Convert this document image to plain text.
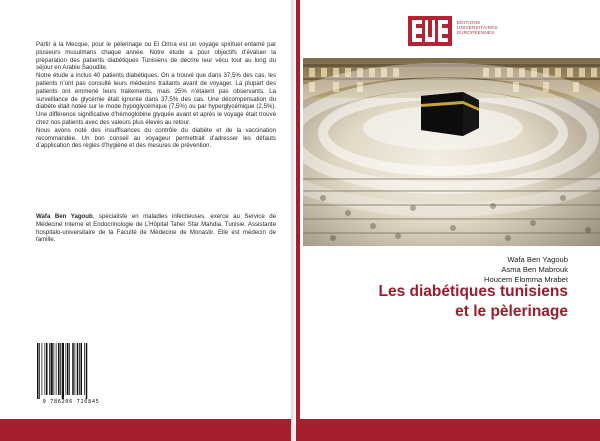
Partir à la Mecque, pour le pèlerinage ou El Omra est un voyage spirituel entamé par plusieurs musulmans chaque année. Notre étude a pour objectifs d’évaluer la préparation des patients diabétiques Tunisiens de décrire leur vécu tout au long du séjour en Arabie Saoudite.

Notre étude a inclus 40 patients diabétiques. On a trouvé que dans 37,5% des cas, les patients n’ont pas consulté leurs médecins traitants avant de voyager. La plupart des patients ont emmené leurs traitements, mais 25% n’étaient pas observants. La surveillance de glycémie était ignorée dans 37,5% des cas. Une décompensation du diabète était notée sur le mode hypoglycémique (7,5%) ou par hyperglycémique (2,5%). Une différence significative d’hémoglobine glyquée avant et après le voyage était trouvé chez nos patients avec des valeurs plus élevés au retour.

Nous avons noté des insuffisances du contrôle du diabète et de la vaccination recommandée. Un bon conseil au voyageur permettrait d’adresser les défauts d’application des règles d’hygiène et des mesures de prévention.

Wafa Ben Yagoub, spécialiste en maladies infectieuses, exerce au Service de Médecine Interne et Endocrinologie de L’Hôpital Taher Sfar Mahdia, Tunisie. Assistante hospitalo-universitaire de la Faculté de Médecine de Monastir. Elle est médecin de famille.
9 786206 726845
ÉDITIONS
UNIVERSITAIRES
EUROPÉENNES
Wafa Ben Yagoub
Asma Ben Mabrouk
Houcem Elomma Mrabet
Les diabétiques tunisiens
et le pèlerinage
